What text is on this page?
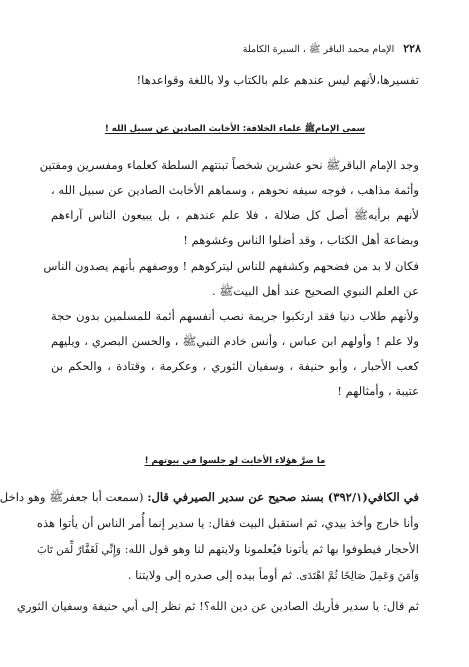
٢٢٨ الإمام محمد الباقر ﷺ ، السيرة الكاملة
تفسيرها،لأنهم ليس عندهم علم بالكتاب ولا باللغة وقواعدها!
سمى الإمامﷺ علماء الخلافة: الأخابث الصادين عن سبيل الله !
وجد الإمام الباقرﷺ نحو عشرين شخصاً تبنتهم السلطة كعلماء ومفسرين ومفتين
وأئمة مذاهب ، فوجه سيفه نحوهم ، وسماهم الأخابث الصادين عن سبيل الله ،
لأنهم برأيهﷺ أصل كل ضلالة ، فلا علم عندهم ، بل يبيعون الناس آراءهم
وبضاعة أهل الكتاب ، وقد أضلوا الناس وغشوهم !
فكان لا بد من فضحهم وكشفهم للناس ليتركوهم ! ووصفهم بأنهم يصدون الناس
عن العلم النبوي الصحيح عند أهل البيتﷺ .
ولأنهم طلاب دنيا فقد ارتكبوا جريمة نصب أنفسهم أئمة للمسلمين بدون حجة
ولا علم ! وأولهم ابن عباس ، وأنس خادم النبيﷺ ، والحسن البصري ، ويليهم
كعب الأحبار ، وأبو حنيفة ، وسفيان الثوري ، وعكرمة ، وقتادة ، والحكم بن
عتيبة ، وأمثالهم !
ما ضرَّ هؤلاء الأخابث لو جلسوا في بيوتهم !
في الكافي(٣٩٢/١) بسند صحيح عن سدير الصيرفي قال: (سمعت أبا جعفرﷺ وهو داخل
وأنا خارج وأخذ بيدي، ثم استقبل البيت فقال: يا سدير إنما أُمر الناس أن يأتوا هذه
الأحجار فيطوفوا بها ثم يأتونا فيُعلمونا ولايتهم لنا وهو قول الله: وَإِنِّي لَغَفَّارٌ لِّمَن تَابَ
وَآمَنَ وَعَمِلَ صَالِحًا ثُمَّ اهْتَدَى. ثم أومأ بيده إلى صدره إلى ولايتنا .
ثم قال: يا سدير فأريك الصادين عن دين الله؟! ثم نظر إلى أبي حنيفة وسفيان الثوري
